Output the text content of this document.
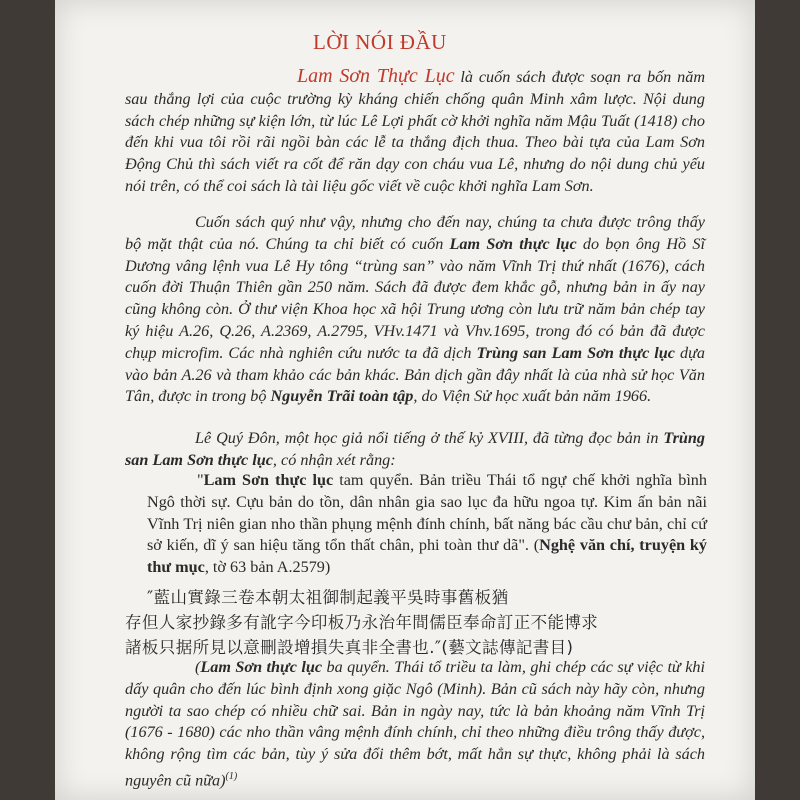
LỜI NÓI ĐẦU
Lam Sơn Thực Lục là cuốn sách được soạn ra bốn năm sau thắng lợi của cuộc trường kỳ kháng chiến chống quân Minh xâm lược. Nội dung sách chép những sự kiện lớn, từ lúc Lê Lợi phất cờ khởi nghĩa năm Mậu Tuất (1418) cho đến khi vua tôi rồi rãi ngồi bàn các lễ ta thắng địch thua. Theo bài tựa của Lam Sơn Động Chủ thì sách viết ra cốt để răn dạy con cháu vua Lê, nhưng do nội dung chủ yếu nói trên, có thể coi sách là tài liệu gốc viết về cuộc khởi nghĩa Lam Sơn.
Cuốn sách quý như vậy, nhưng cho đến nay, chúng ta chưa được trông thấy bộ mặt thật của nó. Chúng ta chỉ biết có cuốn Lam Sơn thực lục do bọn ông Hồ Sĩ Dương vâng lệnh vua Lê Hy tông “trùng san” vào năm Vĩnh Trị thứ nhất (1676), cách cuốn đời Thuận Thiên gần 250 năm. Sách đã được đem khắc gỗ, nhưng bản in ấy nay cũng không còn. Ở thư viện Khoa học xã hội Trung ương còn lưu trữ năm bản chép tay ký hiệu A.26, Q.26, A.2369, A.2795, VHv.1471 và Vhv.1695, trong đó có bản đã được chụp microfim. Các nhà nghiên cứu nước ta đã dịch Trùng san Lam Sơn thực lục dựa vào bản A.26 và tham khảo các bản khác. Bản dịch gần đây nhất là của nhà sử học Văn Tân, được in trong bộ Nguyễn Trãi toàn tập, do Viện Sử học xuất bản năm 1966.
Lê Quý Đôn, một học giả nổi tiếng ở thế kỷ XVIII, đã từng đọc bản in Trùng san Lam Sơn thực lục, có nhận xét rằng:
"Lam Sơn thực lục tam quyển. Bản triều Thái tổ ngự chế khởi nghĩa bình Ngô thời sự. Cựu bản do tồn, dân nhân gia sao lục đa hữu ngoa tự. Kim ấn bản nãi Vĩnh Trị niên gian nho thần phụng mệnh đính chính, bất năng bác cầu chư bản, chỉ cứ sở kiến, dĩ ý san hiệu tăng tổn thất chân, phi toàn thư dã". (Nghệ văn chí, truyện ký thư mục, tờ 63 bản A.2579)
″藍山實錄三卷本朝太祖御制起義平吳時事舊板猶
存但人家抄錄多有訛字今印板乃永治年間儒臣奉命訂正不能博求
諸板只据所見以意刪設增損失真非全書也.″(藝文誌傳記書目)
(Lam Sơn thực lục ba quyển. Thái tổ triều ta làm, ghi chép các sự việc từ khi dấy quân cho đến lúc bình định xong giặc Ngô (Minh). Bản cũ sách này hãy còn, nhưng người ta sao chép có nhiều chữ sai. Bản in ngày nay, tức là bản khoảng năm Vĩnh Trị (1676 - 1680) các nho thần vâng mệnh đính chính, chỉ theo những điều trông thấy được, không rộng tìm các bản, tùy ý sửa đổi thêm bớt, mất hẳn sự thực, không phải là sách nguyên cũ nữa)$^{(1)}$
